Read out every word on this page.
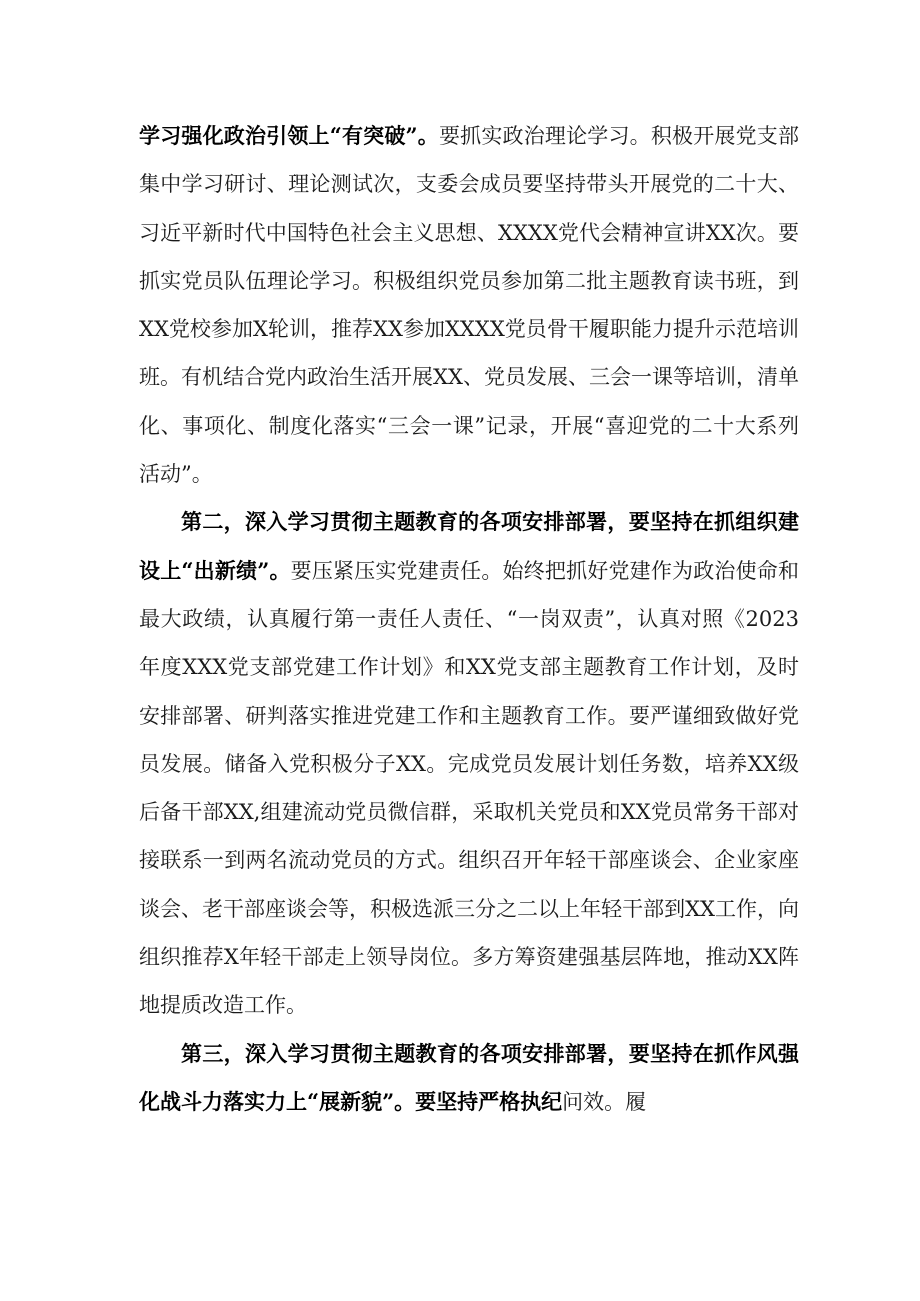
学习强化政治引领上“有突破”。要抓实政治理论学习。积极开展党支部集中学习研讨、理论测试次，支委会成员要坚持带头开展党的二十大、习近平新时代中国特色社会主义思想、XXXX党代会精神宣讲XX次。要抓实党员队伍理论学习。积极组织党员参加第二批主题教育读书班，到XX党校参加X轮训，推荐XX参加XXXX党员骨干履职能力提升示范培训班。有机结合党内政治生活开展XX、党员发展、三会一课等培训，清单化、事项化、制度化落实“三会一课”记录，开展“喜迎党的二十大系列活动”。

第二，深入学习贯彻主题教育的各项安排部署，要坚持在抓组织建设上“出新绩”。要压紧压实党建责任。始终把抓好党建作为政治使命和最大政绩，认真履行第一责任人责任、“一岗双责”，认真对照《2023年度XXX党支部党建工作计划》和XX党支部主题教育工作计划，及时安排部署、研判落实推进党建工作和主题教育工作。要严谨细致做好党员发展。储备入党积极分子XX。完成党员发展计划任务数，培养XX级后备干部XX,组建流动党员微信群，采取机关党员和XX党员常务干部对接联系一到两名流动党员的方式。组织召开年轻干部座谈会、企业家座谈会、老干部座谈会等，积极选派三分之二以上年轻干部到XX工作，向组织推荐X年轻干部走上领导岗位。多方筹资建强基层阵地，推动XX阵地提质改造工作。

第三，深入学习贯彻主题教育的各项安排部署，要坚持在抓作风强化战斗力落实力上“展新貌”。要坚持严格执纪问效。履
